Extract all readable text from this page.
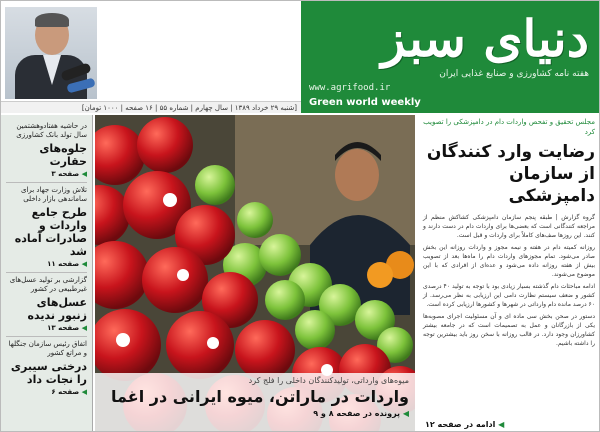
دنیای سبز
هفته نامه کشاورزی و صنایع غذایی ایران
www.agrifood.ir
Green world weekly
[شنبه ۲۹ خرداد ۱۳۸۹ | سال چهارم | شماره ۵۵ | ۱۶ صفحه | ۱۰۰۰ تومان]
در حاشیه هفتادوهشتمین سال تولد بانک کشاورزی
جلوه‌های حقارت
◀ صفحه ۳
تلاش وزارت جهاد برای ساماندهی بازار داخلی
طرح جامع واردات و صادرات آماده شد
◀ صفحه ۱۱
گزارشی بر تولید عسل‌های غیرطبیعی در کشور
عسل‌های زنبور ندیده
◀ صفحه ۱۳
اتفاق رئیس سازمان جنگلها و مراتع کشور
درختی سیبری را نجات داد
◀ صفحه ۶
میوه‌های وارداتی، تولیدکنندگان داخلی را فلج کرد
واردات در ماراتن، میوه ایرانی در اغما
◀ پرونده در صفحه ۸ و ۹
مجلس تحقیق و تفحص واردات دام در دامپزشکی را تصویب کرد
رضایت وارد کنندگان از سازمان دامپزشکی

گروه گزارش | طبقه پنجم سازمان دامپزشکی کشاکش منظم از مراجعه کنندگانی است که بعضی‌ها برای واردات دام در دست دارند و کنند. این روزها صف‌های کاملاً برای واردات و قبل است.

روزانه کمیته دام در هفته و نیمه مجوز و واردات روزانه این بخش صادر می‌شود. تمام مجوزهای واردات دام را ماه‌ها بعد از تصویب بیش از هفته روزانه داده می‌شود و عده‌ای از افرادی که با این موضوع می‌شوند.

ادامه مباحثات دام گذشته بسیار زیادی بود با توجه به تولید ۴۰ درصدی کشور و ضعف سیستم نظارت دامی این ارزیابی به نظر می‌رسد. از ۶۰ درصد مانده دام وارداتی در شهرها و کشورها ارزیابی کرده است.

دستور در صحن بخش سی ماده ای و آن مسئولیت اجرای مصوبه‌ها یکی از بازرگانان و عمل به تصمیمات است که در جامعه بیشتر کشاورزان وجود دارد. در قالب روزانه با سخن روز باید بیشترین توجه را داشته باشیم.

◀ ادامه در صفحه ۱۲
